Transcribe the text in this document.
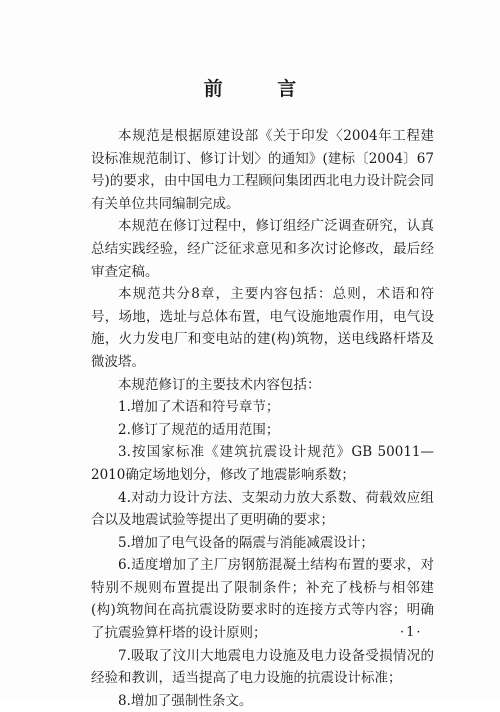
前 言

本规范是根据原建设部《关于印发〈2004年工程建设标准规范制订、修订计划〉的通知》(建标〔2004〕67号)的要求，由中国电力工程顾问集团西北电力设计院会同有关单位共同编制完成。

本规范在修订过程中，修订组经广泛调查研究，认真总结实践经验，经广泛征求意见和多次讨论修改，最后经审查定稿。

本规范共分8章，主要内容包括：总则，术语和符号，场地，选址与总体布置，电气设施地震作用，电气设施，火力发电厂和变电站的建(构)筑物，送电线路杆塔及微波塔。

本规范修订的主要技术内容包括：

1.增加了术语和符号章节；

2.修订了规范的适用范围；

3.按国家标准《建筑抗震设计规范》GB 50011—2010确定场地划分，修改了地震影响系数；

4.对动力设计方法、支架动力放大系数、荷载效应组合以及地震试验等提出了更明确的要求；

5.增加了电气设备的隔震与消能减震设计；

6.适度增加了主厂房钢筋混凝土结构布置的要求，对特别不规则布置提出了限制条件；补充了栈桥与相邻建(构)筑物间在高抗震设防要求时的连接方式等内容；明确了抗震验算杆塔的设计原则；

7.吸取了汶川大地震电力设施及电力设备受损情况的经验和教训，适当提高了电力设施的抗震设计标准；

8.增加了强制性条文。

·1·
